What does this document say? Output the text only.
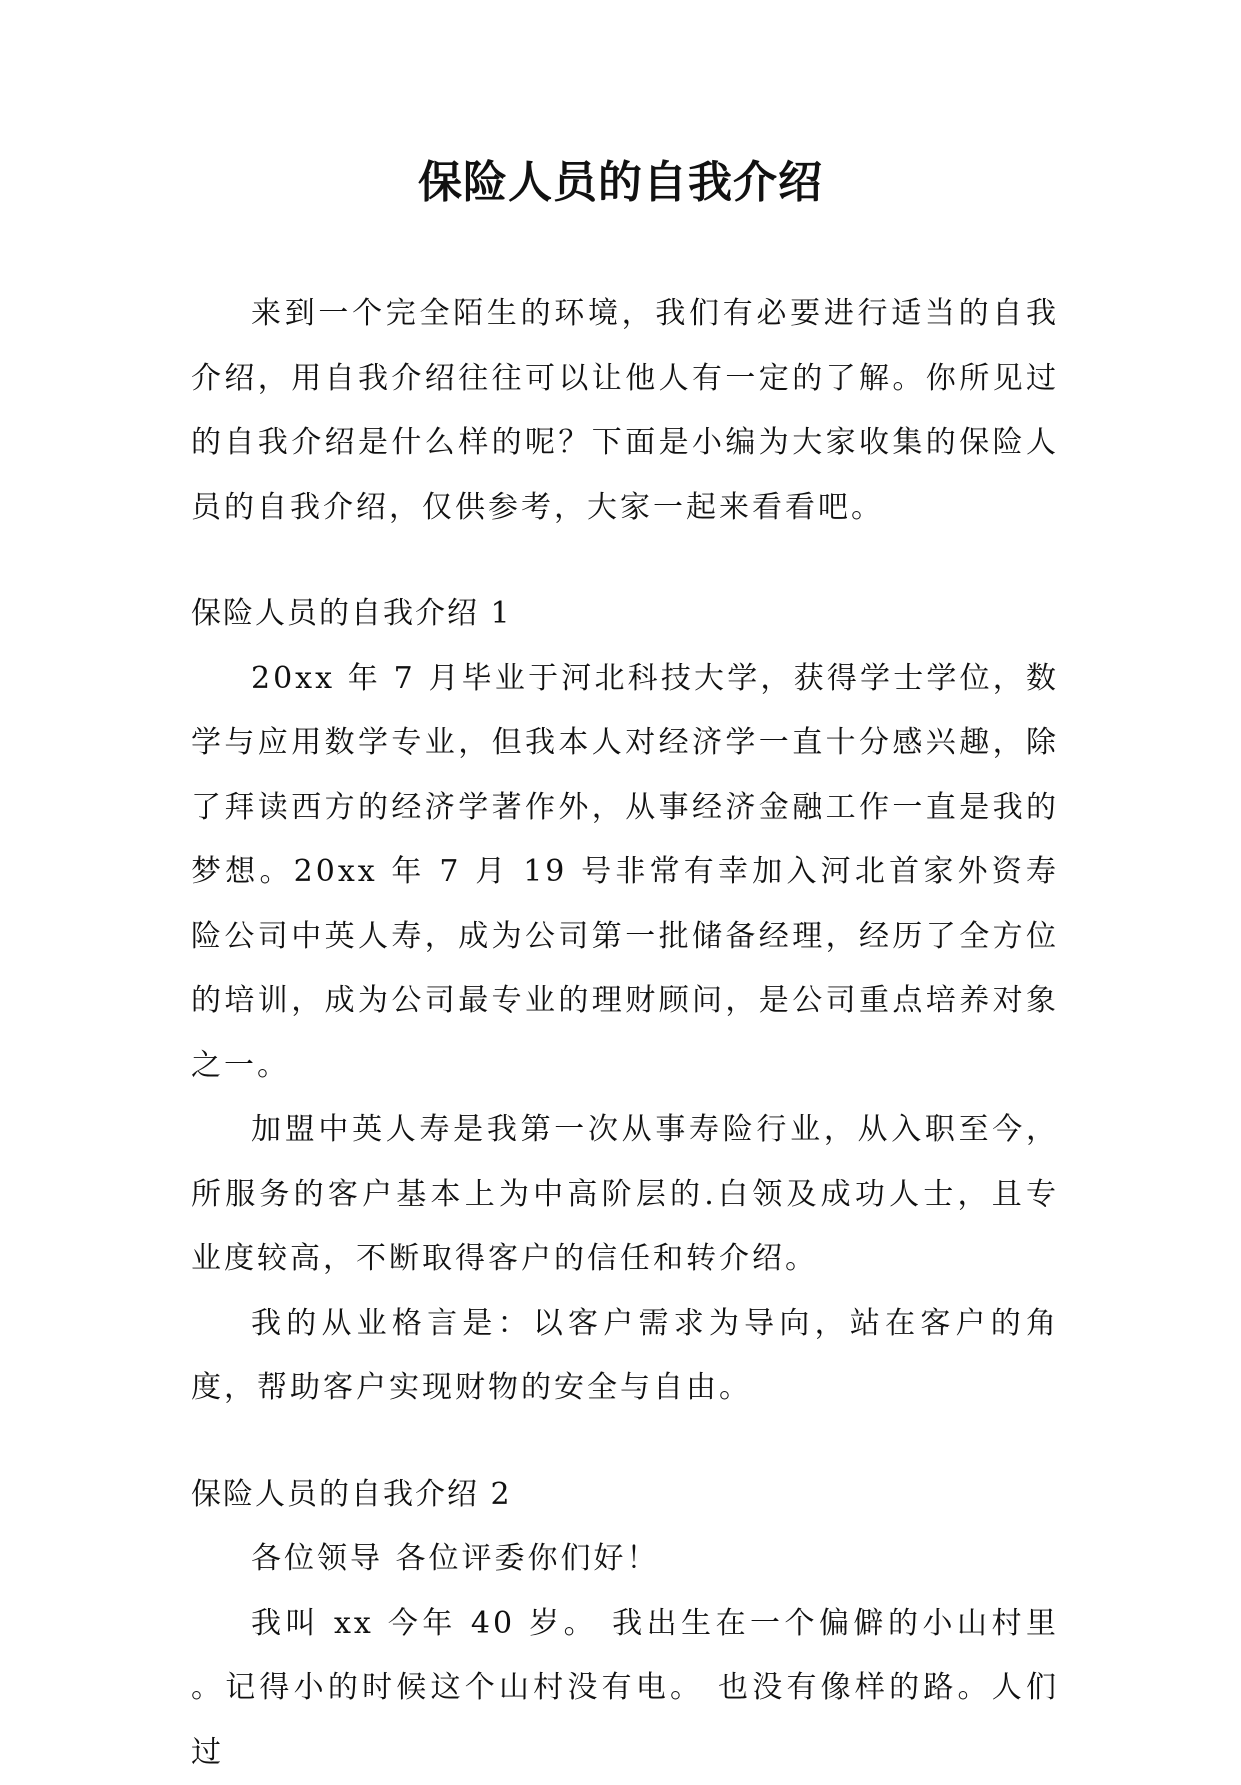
保险人员的自我介绍

来到一个完全陌生的环境，我们有必要进行适当的自我介绍，用自我介绍往往可以让他人有一定的了解。你所见过的自我介绍是什么样的呢？下面是小编为大家收集的保险人员的自我介绍，仅供参考，大家一起来看看吧。

保险人员的自我介绍 1

20xx 年 7 月毕业于河北科技大学，获得学士学位，数学与应用数学专业，但我本人对经济学一直十分感兴趣，除了拜读西方的经济学著作外，从事经济金融工作一直是我的梦想。20xx 年 7 月 19 号非常有幸加入河北首家外资寿险公司中英人寿，成为公司第一批储备经理，经历了全方位的培训，成为公司最专业的理财顾问，是公司重点培养对象之一。

加盟中英人寿是我第一次从事寿险行业，从入职至今，所服务的客户基本上为中高阶层的.白领及成功人士，且专业度较高，不断取得客户的信任和转介绍。

我的从业格言是：以客户需求为导向，站在客户的角度，帮助客户实现财物的安全与自由。

保险人员的自我介绍 2

各位领导 各位评委你们好！

我叫 xx 今年 40 岁。 我出生在一个偏僻的小山村里 。记得小的时候这个山村没有电。 也没有像样的路。人们过
